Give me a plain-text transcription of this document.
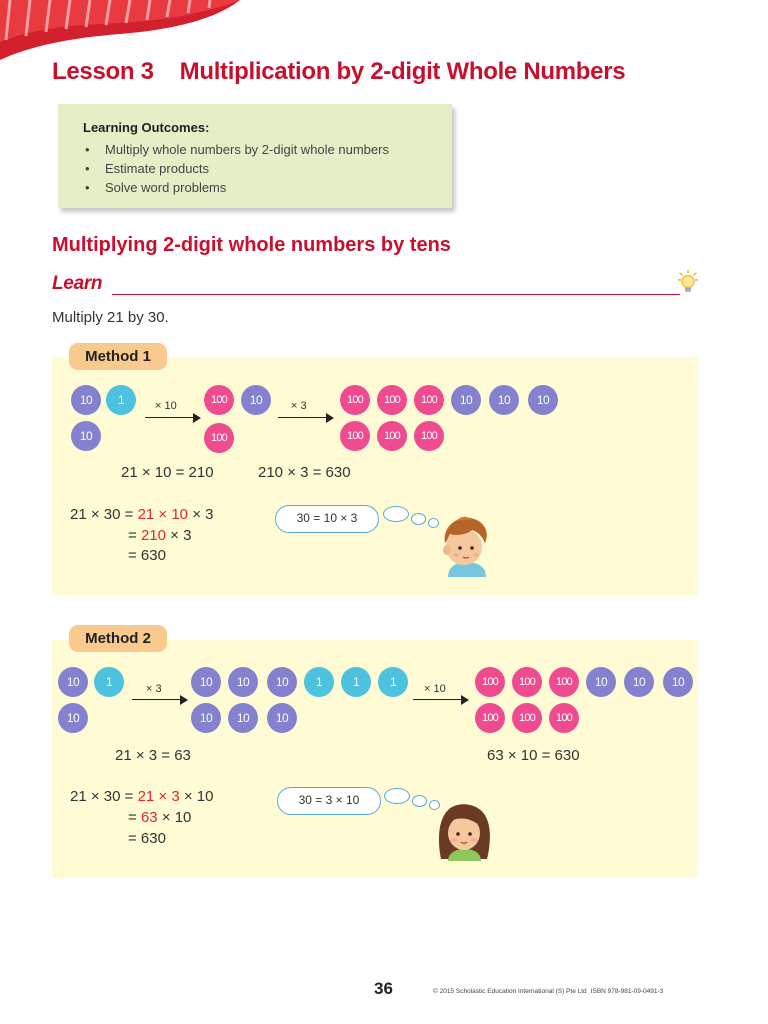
Lesson 3 Multiplication by 2-digit Whole Numbers
Learning Outcomes:
• Multiply whole numbers by 2-digit whole numbers
• Estimate products
• Solve word problems
Multiplying 2-digit whole numbers by tens
Learn
Multiply 21 by 30.
Method 1
10	1
10
× 10	100	10
100
× 3	100	100	100	10	10	10
100	100	100
21 × 10 = 210	210 × 3 = 630
21 × 30 = 21 × 10 × 3
= 210 × 3
= 630
30 = 10 × 3
Method 2
10	1
10
× 3	10	10	10	1	1	1
10	10	10
× 10
100	100	100	10	10	10
100	100	100
21 × 3 = 63	63 × 10 = 630
21 × 30 = 21 × 3 × 10
= 63 × 10
= 630
30 = 3 × 10
36	© 2015 Scholastic Education International (S) Pte Ltd ISBN 978-981-09-0491-3
